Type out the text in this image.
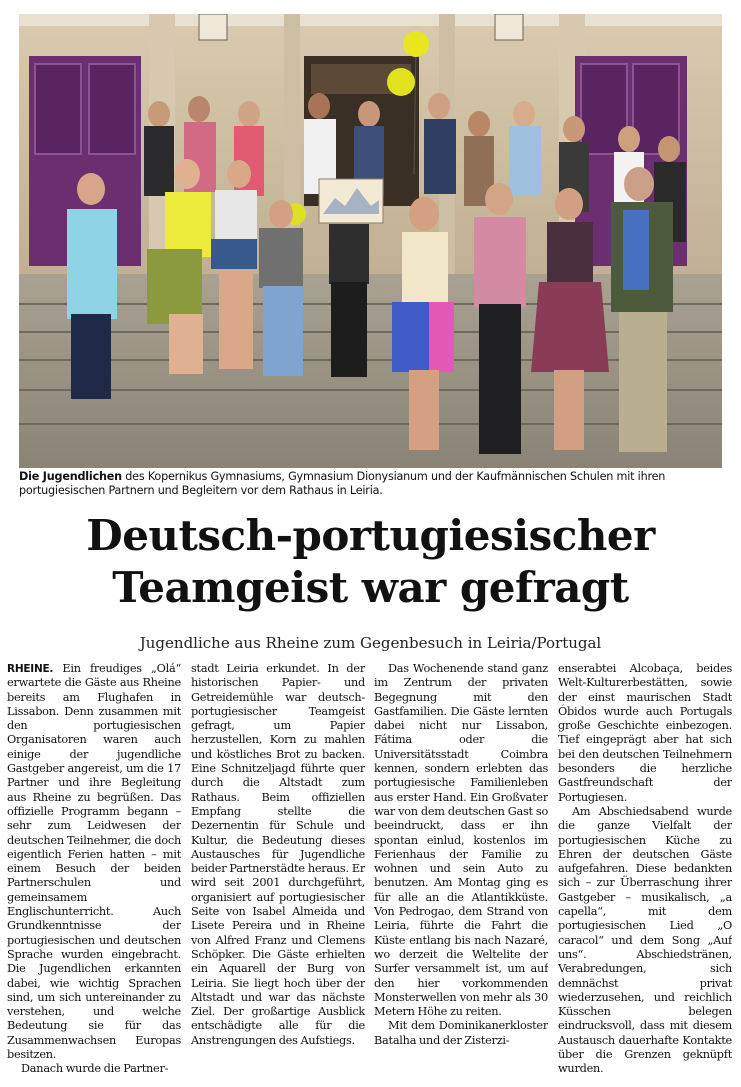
Die Jugendlichen des Kopernikus Gymnasiums, Gymnasium Dionysianum und der Kaufmännischen Schulen mit ihren portugiesischen Partnern und Begleitern vor dem Rathaus in Leiria.
Deutsch-portugiesischer
Teamgeist war gefragt
Jugendliche aus Rheine zum Gegenbesuch in Leiria/Portugal

RHEINE. Ein freudiges „Olá“ erwartete die Gäste aus Rheine bereits am Flughafen in Lissabon. Denn zusammen mit den portugiesischen Organisatoren waren auch einige der jugendliche Gastgeber angereist, um die 17 Partner und ihre Begleitung aus Rheine zu begrüßen. Das offizielle Programm begann – sehr zum Leidwesen der deutschen Teilnehmer, die doch eigentlich Ferien hatten – mit einem Besuch der beiden Partnerschulen und gemeinsamem Englischunterricht. Auch Grundkenntnisse der portugiesischen und deutschen Sprache wurden eingebracht. Die Jugendlichen erkannten dabei, wie wichtig Sprachen sind, um sich untereinander zu verstehen, und welche Bedeutung sie für das Zusammenwachsen Europas besitzen.

Danach wurde die Partner-

stadt Leiria erkundet. In der historischen Papier- und Getreidemühle war deutsch-portugiesischer Teamgeist gefragt, um Papier herzustellen, Korn zu mahlen und köstliches Brot zu backen. Eine Schnitzeljagd führte quer durch die Altstadt zum Rathaus. Beim offiziellen Empfang stellte die Dezernentin für Schule und Kultur, die Bedeutung dieses Austausches für Jugendliche beider Partnerstädte heraus. Er wird seit 2001 durchgeführt, organisiert auf portugiesischer Seite von Isabel Almeida und Lisete Pereira und in Rheine von Alfred Franz und Clemens Schöpker. Die Gäste erhielten ein Aquarell der Burg von Leiria. Sie liegt hoch über der Altstadt und war das nächste Ziel. Der großartige Ausblick entschädigte alle für die Anstrengungen des Aufstiegs.

Das Wochenende stand ganz im Zentrum der privaten Begegnung mit den Gastfamilien. Die Gäste lernten dabei nicht nur Lissabon, Fátima oder die Universitätsstadt Coimbra kennen, sondern erlebten das portugiesische Familienleben aus erster Hand. Ein Großvater war von dem deutschen Gast so beeindruckt, dass er ihn spontan einlud, kostenlos im Ferienhaus der Familie zu wohnen und sein Auto zu benutzen. Am Montag ging es für alle an die Atlantikküste. Von Pedrogao, dem Strand von Leiria, führte die Fahrt die Küste entlang bis nach Nazaré, wo derzeit die Weltelite der Surfer versammelt ist, um auf den hier vorkommenden Monsterwellen von mehr als 30 Metern Höhe zu reiten.

Mit dem Dominikanerkloster Batalha und der Zisterzi-

enserabtei Alcobaça, beides Welt-Kulturerbestätten, sowie der einst maurischen Stadt Óbidos wurde auch Portugals große Geschichte einbezogen. Tief eingeprägt aber hat sich bei den deutschen Teilnehmern besonders die herzliche Gastfreundschaft der Portugiesen.

Am Abschiedsabend wurde die ganze Vielfalt der portugiesischen Küche zu Ehren der deutschen Gäste aufgefahren. Diese bedankten sich – zur Überraschung ihrer Gastgeber – musikalisch, „a capella“, mit dem portugiesischen Lied „O caracol“ und dem Song „Auf uns“. Abschiedstränen, Verabredungen, sich demnächst privat wiederzusehen, und reichlich Küsschen belegen eindrucksvoll, dass mit diesem Austausch dauerhafte Kontakte über die Grenzen geknüpft wurden.
